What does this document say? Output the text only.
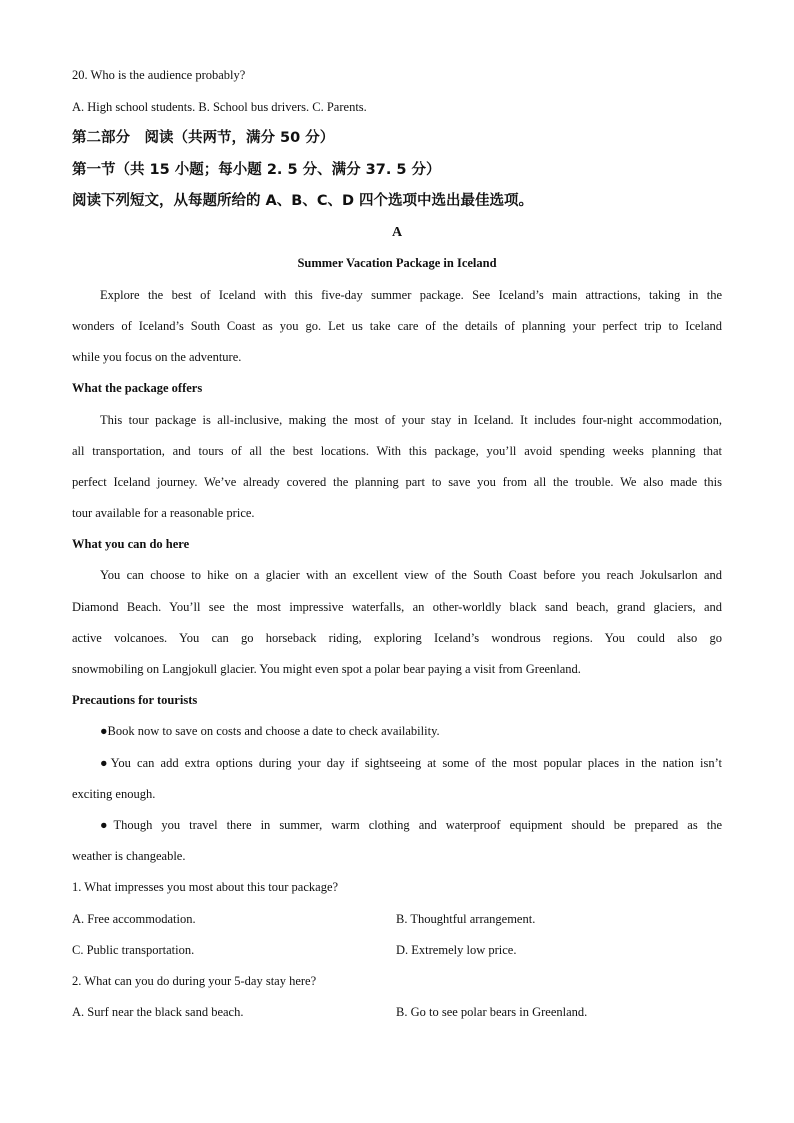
20. Who is the audience probably?
A. High school students. B. School bus drivers. C. Parents.
第二部分　阅读（共两节，满分 50 分）
第一节（共 15 小题；每小题 2. 5 分、满分 37. 5 分）
阅读下列短文，从每题所给的 A、B、C、D 四个选项中选出最佳选项。
A
Summer Vacation Package in Iceland
Explore the best of Iceland with this five-day summer package. See Iceland’s main attractions, taking in the
wonders of Iceland’s South Coast as you go. Let us take care of the details of planning your perfect trip to Iceland
while you focus on the adventure.
What the package offers
This tour package is all-inclusive, making the most of your stay in Iceland. It includes four-night accommodation,
all transportation, and tours of all the best locations. With this package, you’ll avoid spending weeks planning that
perfect Iceland journey. We’ve already covered the planning part to save you from all the trouble. We also made this
tour available for a reasonable price.
What you can do here
You can choose to hike on a glacier with an excellent view of the South Coast before you reach Jokulsarlon and
Diamond Beach. You’ll see the most impressive waterfalls, an other-worldly black sand beach, grand glaciers, and
active volcanoes. You can go horseback riding, exploring Iceland’s wondrous regions. You could also go
snowmobiling on Langjokull glacier. You might even spot a polar bear paying a visit from Greenland.
Precautions for tourists
●Book now to save on costs and choose a date to check availability.
●You can add extra options during your day if sightseeing at some of the most popular places in the nation isn’t
exciting enough.
●Though you travel there in summer, warm clothing and waterproof equipment should be prepared as the
weather is changeable.
1. What impresses you most about this tour package?
A. Free accommodation.	B. Thoughtful arrangement.
C. Public transportation.	D. Extremely low price.
2. What can you do during your 5-day stay here?
A. Surf near the black sand beach.	B. Go to see polar bears in Greenland.
